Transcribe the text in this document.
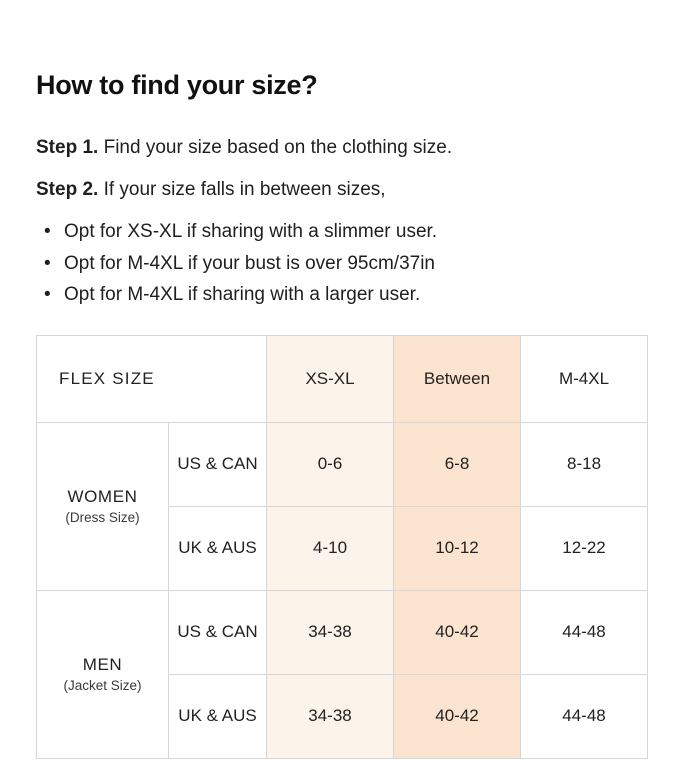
How to find your size?

Step 1. Find your size based on the clothing size.

Step 2. If your size falls in between sizes,

• Opt for XS-XL if sharing with a slimmer user.
• Opt for M-4XL if your bust is over 95cm/37in
• Opt for M-4XL if sharing with a larger user.
FLEX SIZE		XS-XL	Between	M-4XL

WOMEN
(Dress Size)	US & CAN	0-6	6-8	8-18
	UK & AUS	4-10	10-12	12-22

MEN
(Jacket Size)	US & CAN	34-38	40-42	44-48
	UK & AUS	34-38	40-42	44-48
